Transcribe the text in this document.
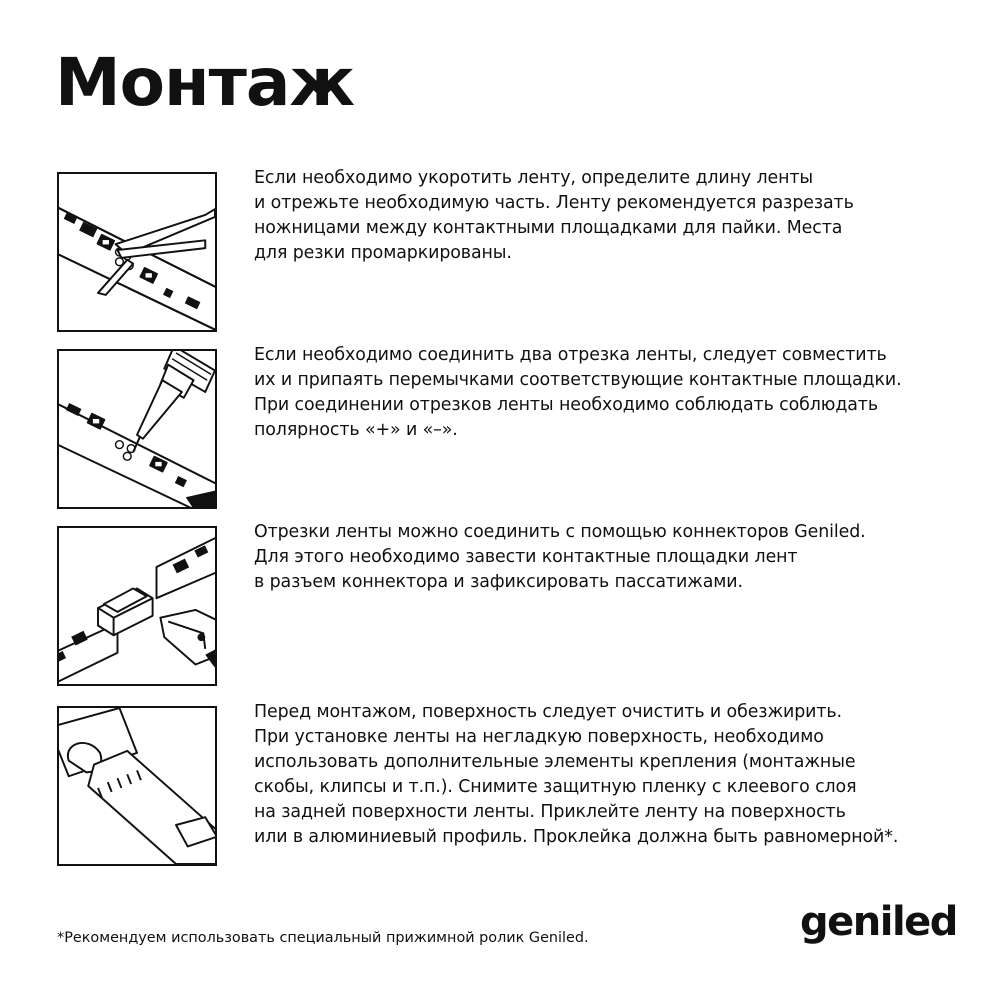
Монтаж
Если необходимо укоротить ленту, определите длину ленты
и отрежьте необходимую часть. Ленту рекомендуется разрезать
ножницами между контактными площадками для пайки. Места
для резки промаркированы.
Если необходимо соединить два отрезка ленты, следует совместить
их и припаять перемычками соответствующие контактные площадки.
При соединении отрезков ленты необходимо соблюдать соблюдать
полярность «+» и «–».
Отрезки ленты можно соединить с помощью коннекторов Geniled.
Для этого необходимо завести контактные площадки лент
в разъем коннектора и зафиксировать пассатижами.
Перед монтажом, поверхность следует очистить и обезжирить.
При установке ленты на негладкую поверхность, необходимо
использовать дополнительные элементы крепления (монтажные
скобы, клипсы и т.п.). Снимите защитную пленку с клеевого слоя
на задней поверхности ленты. Приклейте ленту на поверхность
или в алюминиевый профиль. Проклейка должна быть равномерной*.
*Рекомендуем использовать специальный прижимной ролик Geniled.	geniled
